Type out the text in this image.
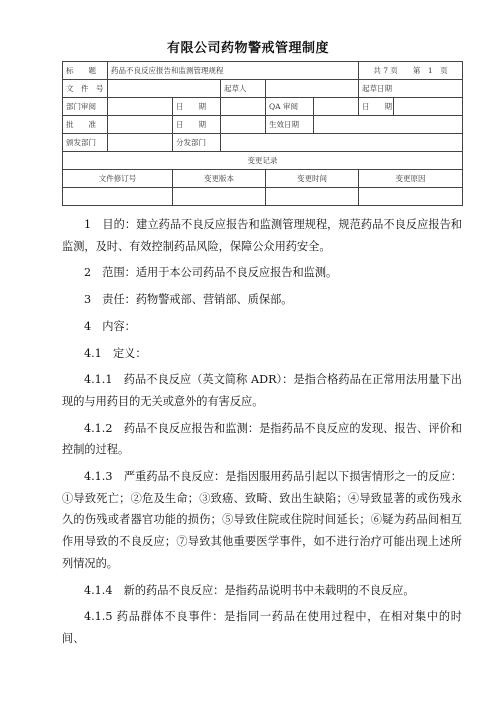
有限公司药物警戒管理制度
标　　题	药品不良反应报告和监测管理规程					共 7 页　　第　1　页	
文　件　号			起草人			起草日期	
部门审阅		日　　期		QA 审阅		日　　期	
批　　准		日　　期		生效日期			
颁发部门		分发部门					
变更记录							
文件修订号		变更版本		变更时间		变更原因	

1　目的：建立药品不良反应报告和监测管理规程，规范药品不良反应报告和监测，及时、有效控制药品风险，保障公众用药安全。

2　范围：适用于本公司药品不良反应报告和监测。

3　责任：药物警戒部、营销部、质保部。

4　内容：

4.1　定义：

4.1.1　药品不良反应（英文简称 ADR）：是指合格药品在正常用法用量下出现的与用药目的无关或意外的有害反应。

4.1.2　药品不良反应报告和监测：是指药品不良反应的发现、报告、评价和控制的过程。

4.1.3　严重药品不良反应：是指因服用药品引起以下损害情形之一的反应：①导致死亡；②危及生命；③致癌、致畸、致出生缺陷；④导致显著的或伤残永久的伤残或者器官功能的损伤；⑤导致住院或住院时间延长；⑥疑为药品间相互作用导致的不良反应；⑦导致其他重要医学事件，如不进行治疗可能出现上述所列情况的。

4.1.4　新的药品不良反应：是指药品说明书中未载明的不良反应。

4.1.5 药品群体不良事件：是指同一药品在使用过程中，在相对集中的时间、
